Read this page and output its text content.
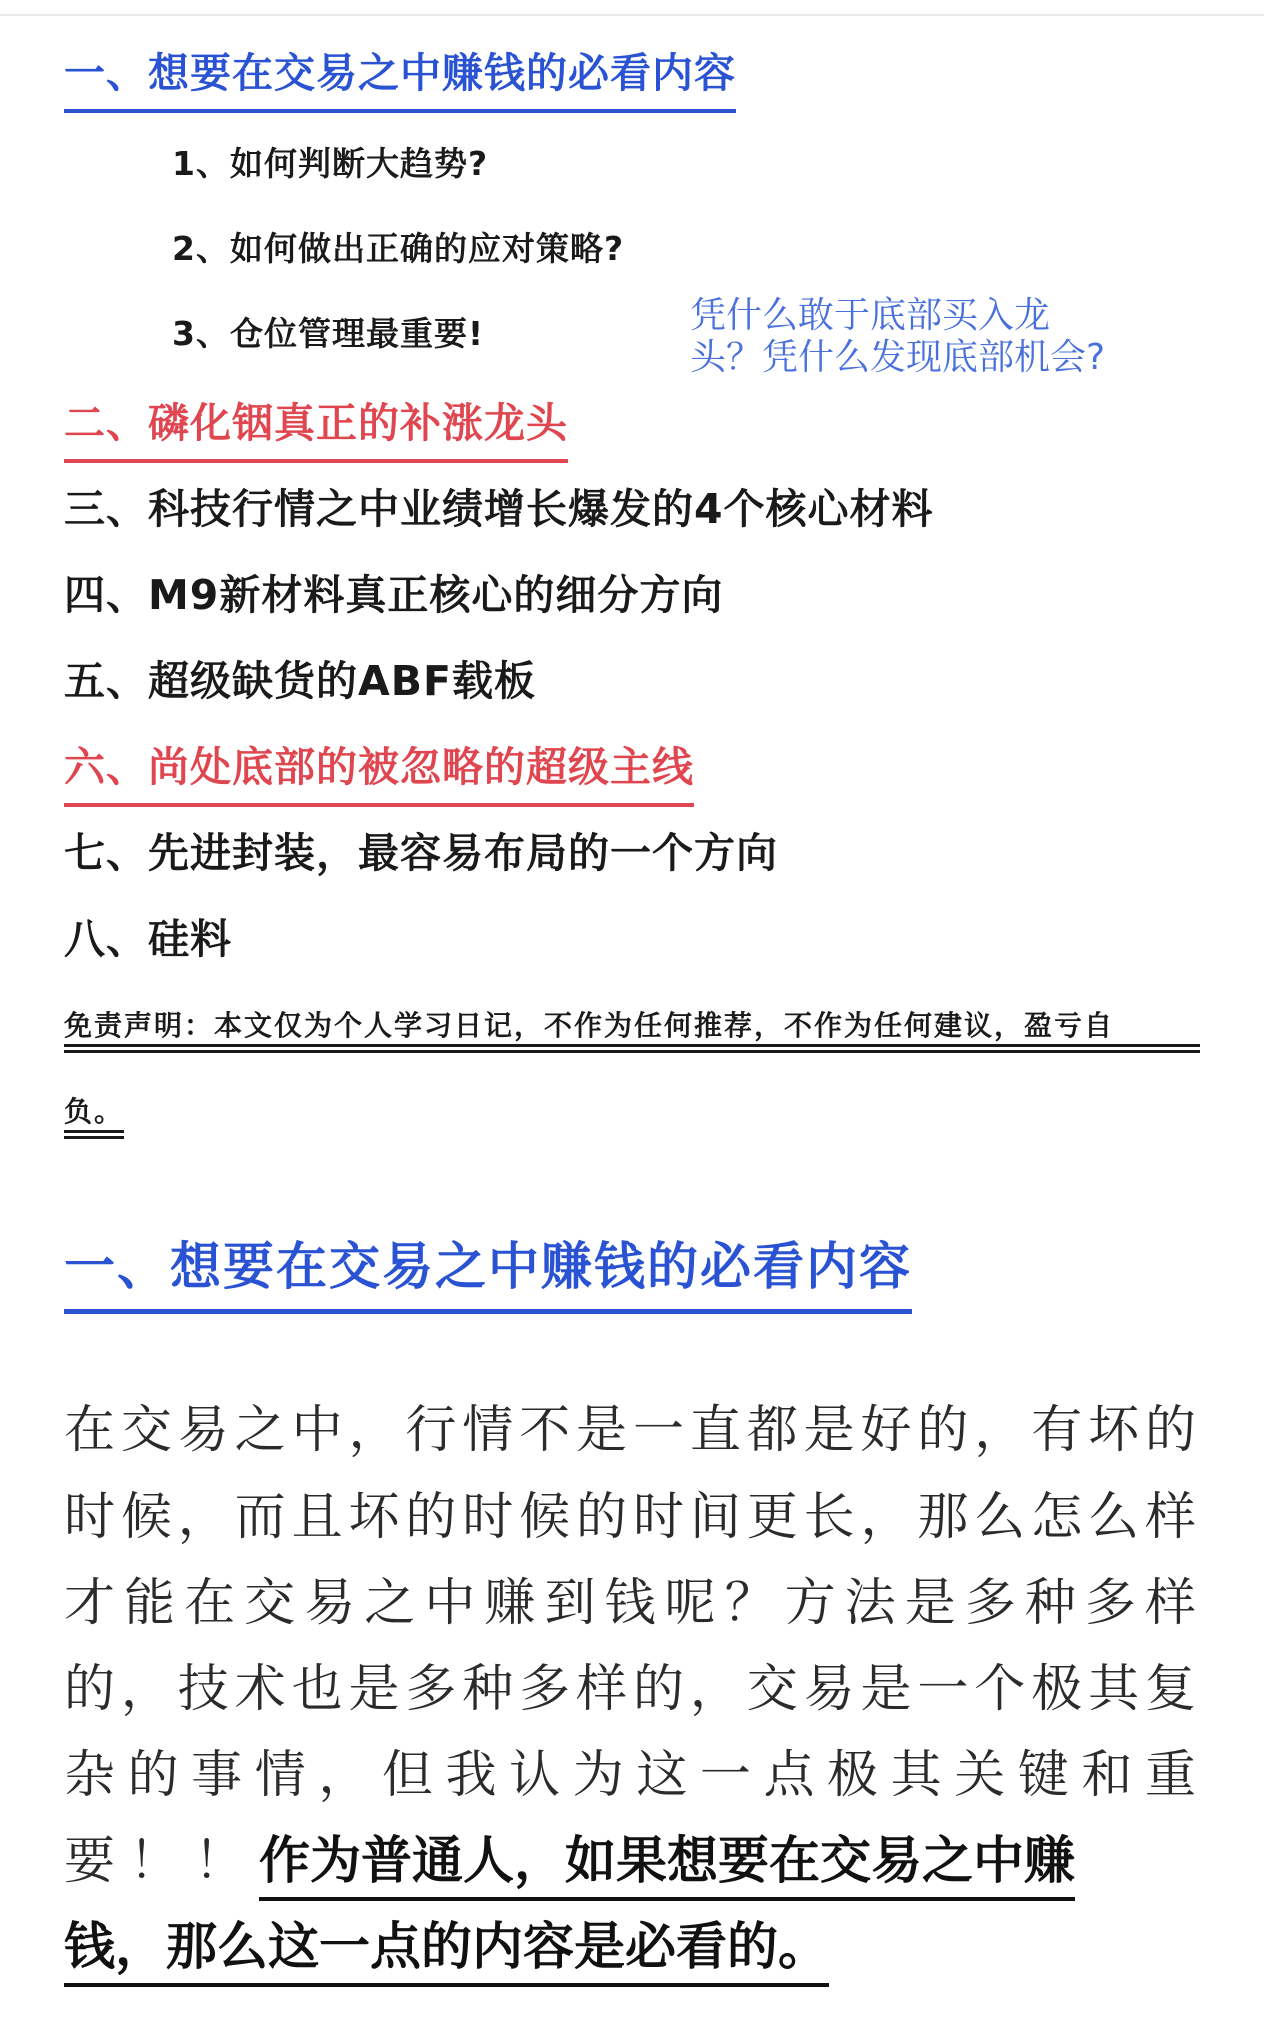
一、想要在交易之中赚钱的必看内容
1、如何判断大趋势?
2、如何做出正确的应对策略?
3、仓位管理最重要!	凭什么敢于底部买入龙头？凭什么发现底部机会?
二、磷化铟真正的补涨龙头
三、科技行情之中业绩增长爆发的4个核心材料
四、M9新材料真正核心的细分方向
五、超级缺货的ABF载板
六、尚处底部的被忽略的超级主线
七、先进封装，最容易布局的一个方向
八、硅料
免责声明：本文仅为个人学习日记，不作为任何推荐，不作为任何建议，盈亏自
负。
一、想要在交易之中赚钱的必看内容
在交易之中，行情不是一直都是好的，有坏的
时候，而且坏的时候的时间更长，那么怎么样
才能在交易之中赚到钱呢？方法是多种多样
的，技术也是多种多样的，交易是一个极其复
杂的事情，但我认为这一点极其关键和重
要！！作为普通人，如果想要在交易之中赚
钱，那么这一点的内容是必看的。
